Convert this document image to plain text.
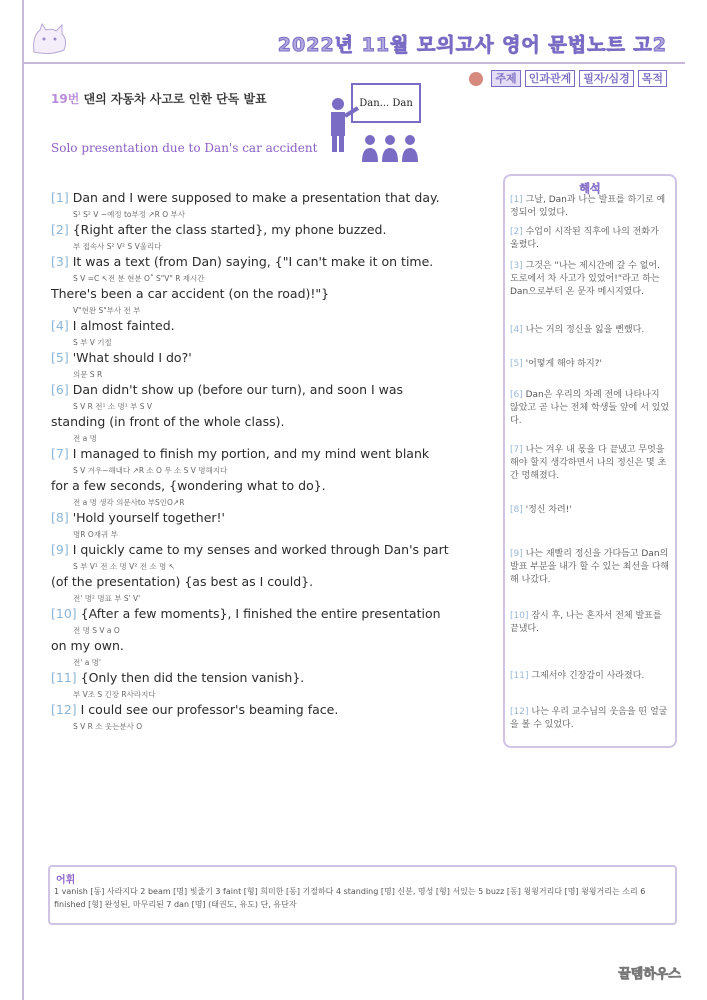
2022년 11월 모의고사 영어 문법노트 고2
주제	인과관계	필자/심경	목적
19번 댄의 자동차 사고로 인한 단독 발표
Solo presentation due to Dan's car accident
Dan... Dan
[1] Dan and I were supposed to make a presentation that day.
S¹ S² V ~예정 to부정 ↗R O 부사
[2] {Right after the class started}, my phone buzzed.
부 접속사 S² V² S V울리다
[3] It was a text (from Dan) saying, {"I can't make it on time.
S V =C ↖전 분 현분 O˚ S"V" R 제시간
There's been a car accident (on the road)!"}
V"현완 S"부사 전 부
[4] I almost fainted.
S 부 V 기절
[5] 'What should I do?'
의문 S R
[6] Dan didn't show up (before our turn), and soon I was
S V R 전¹ 소 명¹ 부 S V
standing (in front of the whole class).
전 a 명
[7] I managed to finish my portion, and my mind went blank
S V 겨우~해내다 ↗R 소 O 무 소 S V 명해지다
for a few seconds, {wondering what to do}.
전 a 명 생각 의문사to 부S인O↗R
[8] 'Hold yourself together!'
명R O재귀 부
[9] I quickly came to my senses and worked through Dan's part
S 부 V¹ 전 소 명 V² 전 소 명 ↖
(of the presentation) {as best as I could}.
전' 명² 명표 부 S' V'
[10] {After a few moments}, I finished the entire presentation
전 명 S V a O
on my own.
전' a 명'
[11] {Only then did the tension vanish}.
부 V조 S 긴장 R사라지다
[12] I could see our professor's beaming face.
S V R 소 웃는분사 O
해석
[1] 그날, Dan과 나는 발표를 하기로 예정되어 있었다.
[2] 수업이 시작된 직후에 나의 전화가 울렸다.
[3] 그것은 "나는 제시간에 갈 수 없어. 도로에서 차 사고가 있었어!"라고 하는 Dan으로부터 온 문자 메시지였다.
[4] 나는 거의 정신을 잃을 뻔했다.
[5] '어떻게 해야 하지?'
[6] Dan은 우리의 차례 전에 나타나지 않았고 곧 나는 전체 학생들 앞에 서 있었다.
[7] 나는 겨우 내 몫을 다 끝냈고 무엇을 해야 할지 생각하면서 나의 정신은 몇 초간 멍해졌다.
[8] '정신 차려!'
[9] 나는 재빨리 정신을 가다듬고 Dan의 발표 부분을 내가 할 수 있는 최선을 다해 해 나갔다.
[10] 잠시 후, 나는 혼자서 전체 발표를 끝냈다.
[11] 그제서야 긴장감이 사라졌다.
[12] 나는 우리 교수님의 웃음을 띤 얼굴을 볼 수 있었다.
어휘
1 vanish [동] 사라지다 2 beam [명] 빛줄기 3 faint [형] 희미한 [동] 기절하다 4 standing [명] 신분, 명성 [형] 서있는 5 buzz [동] 윙윙거리다 [명] 윙윙거리는 소리 6 finished [형] 완성된, 마무리된 7 dan [명] (태권도, 유도) 단, 유단자
꿀템하우스
